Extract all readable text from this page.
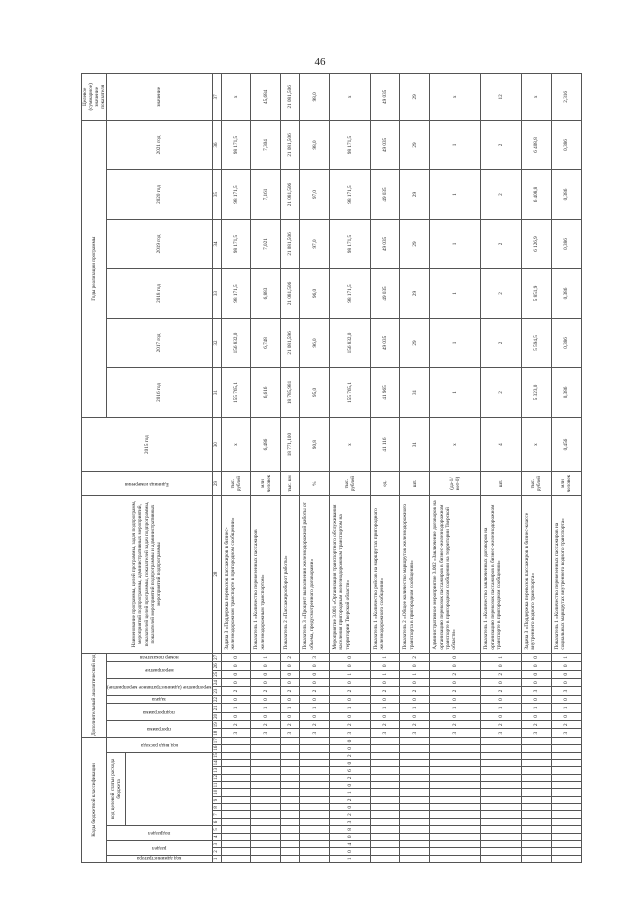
46
Коды бюджетной классификации																	Дополнительный аналитический код										Наименование программы, целей программы, задач подпрограмм, мероприятий подпрограммы, административных мероприятий, показателей целей программы, показателей задач подпрограммы, показателей мероприятий подпрограммы и административных мероприятий подпрограммы	Единица измерения	2015 год	Годы реализации программы						Целевое (суммарное) значение показателя

код администратора	раздел		подраздел		код целевой статьи расхода бюджета										код вида расхода		программа		подпрограмма		задача	мероприятие (административное мероприятие)		мероприятие		номер показателя				2016 год	2017 год	2018 год	2019 год	2020 год	2021 год	значение

1	2	3	4	5	6	7	8	9	10	11	12	13	14	15	16	17	18	19	20	21	22	23	24	25	26	27	28	29	30	31	32	33	34	35	36	37
																	3	2	0	1	0	2	0	0	0	0	Задача 3 «Поддержка перевозок пассажиров в бизнес-железнодорожном транспорте в пригородном сообщении»	тыс. рублей	х	155 765,1	156 832,0	98 171,5	98 171,5	98 171,5	98 171,5	х
																	3	2	0	1	0	2	0	0	0	1	Показатель 1 «Количество перевезенных пассажиров железнодорожным транспортом»	млн человек	6,486	6,616	6,748	6,883	7,021	7,161	7,304	45,684
																	3	2	0	1	0	2	0	0	0	2	Показатель 2 «Пассажирооборот работы»	тыс. км	18 771,100	18 785,981	21 081,596	21 081,506	21 081,506	21 081,506	21 081,506	21 081,506
																	3	2	0	1	0	2	0	0	0	3	Показатель 3 «Процент выполнения железнодорожной работы от объема, предусмотренного договорами»	%	90,8	95,0	96,0	96,0	97,0	97,0	98,0	98,0
1	0	4	0	8	3	2	0	2	1	0	2	6	0	2	0	0	3	2	0	1	0	2	0	1	0	0	Мероприятие 3.001 «Организация транспортного обслуживания населения пригородным железнодорожным транспортом на территории Тверской области»	тыс. рублей	х	155 765,1	156 832,0	98 171,5	98 171,5	98 171,5	98 171,5	х
																	3	2	0	1	0	2	0	1	0	1	Показатель 1 «Количество рейсов на маршрутах пригородного железнодорожного сообщения»	ед.	41 116	41 965	49 035	49 035	49 035	49 035	49 035	49 035
																	3	2	0	1	0	2	0	1	0	2	Показатель 2 «Общее количество маршрутов железнодорожного транспорта в пригородном сообщении»	шт.	31	31	29	29	29	29	29	29
																	3	2	0	1	0	2	0	2	0	0	Административное мероприятие 3.002 «Заключение договоров на организацию перевозок пассажиров в бизнес-железнодорожном транспорте в пригородном сообщении на территории Тверской области»	(да-1/ нет-0)	х	1	1	1	1	1	1	х
																	3	2	0	1	0	2	0	2	0	1	Показатель 1 «Количество заключенных договоров на организацию перевозок пассажиров в бизнес-железнодорожном транспорте в пригородном сообщении»	шт.	4	2	2	2	2	2	2	12
																	3	2	0	1	0	3	0	0	0	0	Задача 3 «Поддержка перевозок пассажиров в бизнес-классе внутреннего водного транспорта»	тыс. рублей	х	5 323,0	5 594,5	5 851,9	6 126,9	6 408,8	6 408,8	х
																	3	2	0	1	0	3	0	0	0	1	Показатель 1 «Количество перевезенных пассажиров на социальных маршрутах внутреннего водного транспорта»	млн человек	0,456	0,386	0,386	0,386	0,386	0,386	0,386	2,316
